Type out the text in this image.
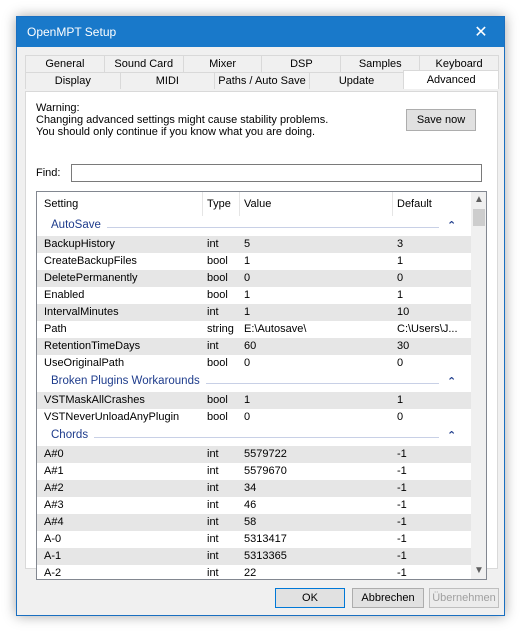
OpenMPT Setup	✕
General	Sound Card	Mixer	DSP	Samples	Keyboard
Display	MIDI	Paths / Auto Save	Update	Advanced
Warning:
Changing advanced settings might cause stability problems.
You should only continue if you know what you are doing.
Save now
Find:
Setting	Type Value	Default
AutoSave	⌃
BackupHistory	int	5	3
CreateBackupFiles	bool	1	1
DeletePermanently	bool	0	0
Enabled	bool	1	1
IntervalMinutes	int	1	10
Path	string E:\Autosave\	C:\Users\J...
RetentionTimeDays	int	60	30
UseOriginalPath	bool	0	0
Broken Plugins Workarounds	⌃
VSTMaskAllCrashes	bool	1	1
VSTNeverUnloadAnyPlugin	bool	0	0
Chords	⌃
A#0	int	5579722	-1
A#1	int	5579670	-1
A#2	int	34	-1
A#3	int	46	-1
A#4	int	58	-1
A-0	int	5313417	-1
A-1	int	5313365	-1
A-2	int	22	-1
▲
▼
OK	Abbrechen	Übernehmen
